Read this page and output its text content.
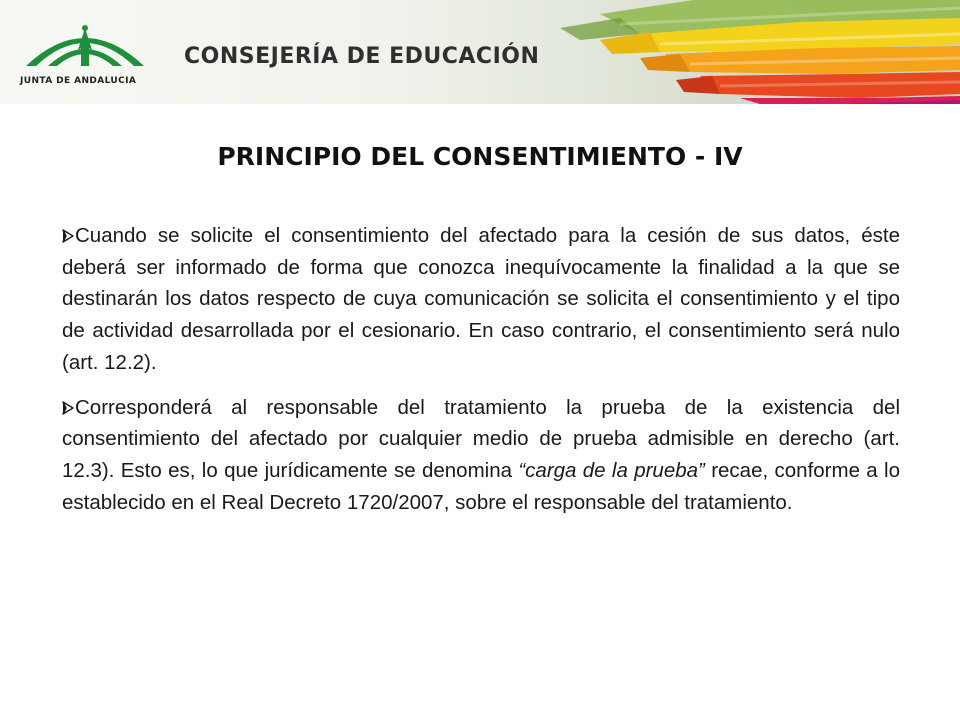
JUNTA DE ANDALUCIA
CONSEJERÍA DE EDUCACIÓN
PRINCIPIO DEL CONSENTIMIENTO - IV

Cuando se solicite el consentimiento del afectado para la cesión de sus datos, éste deberá ser informado de forma que conozca inequívocamente la finalidad a la que se destinarán los datos respecto de cuya comunicación se solicita el consentimiento y el tipo de actividad desarrollada por el cesionario. En caso contrario, el consentimiento será nulo (art. 12.2).

Corresponderá al responsable del tratamiento la prueba de la existencia del consentimiento del afectado por cualquier medio de prueba admisible en derecho (art. 12.3). Esto es, lo que jurídicamente se denomina “carga de la prueba” recae, conforme a lo establecido en el Real Decreto 1720/2007, sobre el responsable del tratamiento.
